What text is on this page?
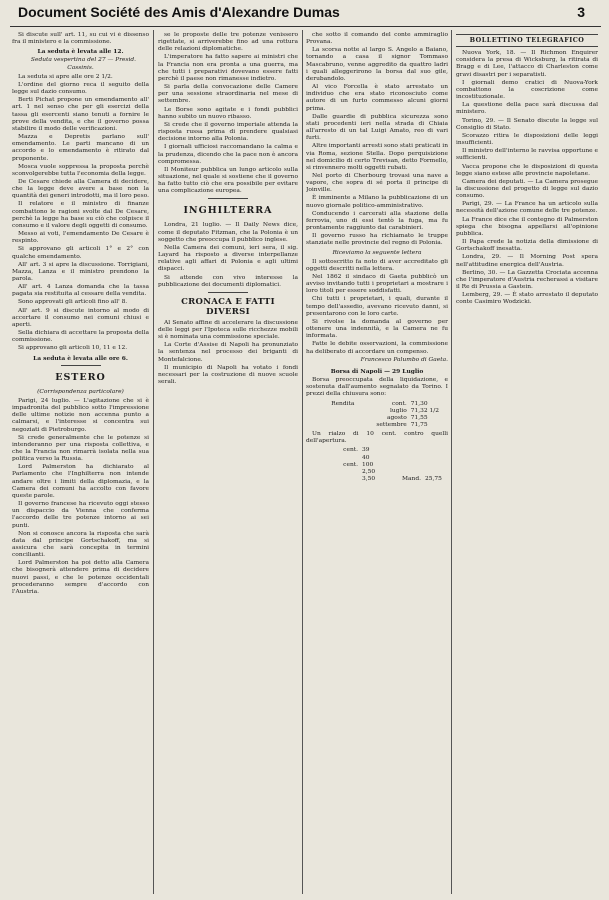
Document Société des Amis d'Alexandre Dumas	3

Si discute sull' art. 11, su cui vi è dissenso fra il ministero e la commissione.

La seduta è levata alle 12.

Seduta vespertina del 27 — Presid. Cassinis.

La seduta si apre alle ore 2 1/2.

L'ordine del giorno reca il seguito della legge sul dazio consumo.

Berti Pichat propone un emendamento all' art. 1 nel senso che per gli esercizi della tassa gli esercenti siano tenuti a fornire le prove della vendita, e che il governo possa stabilire il modo delle verificazioni.

Mazza e Depretis parlano sull' emendamento. Le parti mancano di un accordo e lo emendamento è ritirato dal proponente.

Mosca vuole soppressa la proposta perchè sconvolgerebbe tutta l'economia della legge.

De Cesare chiede alla Camera di decidere, che la legge deve avere a base non la quantità dei generi introdotti, ma il loro peso.

Il relatore e il ministro di finanze combattono le ragioni svolte dal De Cesare, perchè la legge ha base su ciò che colpisce il consumo e il valore degli oggetti di consumo.

Messo ai voti, l'emendamento De Cesare è respinto.

Si approvano gli articoli 1° e 2° con qualche emendamento.

All' art. 3 si apre la discussione. Torrigiani, Mazza, Lanza e il ministro prendono la parola.

All' art. 4 Lanza domanda che la tassa pagata sia restituita al cessare della vendita.

Sono approvati gli articoli fino all' 8.

All' art. 9 si discute intorno al modo di accertare il consumo nei comuni chiusi e aperti.

Sella dichiara di accettare la proposta della commissione.

Si approvano gli articoli 10, 11 e 12.

La seduta è levata alle ore 6.

ESTERO
(Corrispondenza particolare)

Parigi, 24 luglio. — L'agitazione che si è impadronita del pubblico sotto l'impressione delle ultime notizie non accenna punto a calmarsi, e l'interesse si concentra sui negoziati di Pietroburgo.

Si crede generalmente che le potenze si intenderanno per una risposta collettiva, e che la Francia non rimarrà isolata nella sua politica verso la Russia.

Lord Palmerston ha dichiarato al Parlamento che l'Inghilterra non intende andare oltre i limiti della diplomazia, e la Camera dei comuni ha accolto con favore queste parole.

Il governo francese ha ricevuto oggi stesso un dispaccio da Vienna che conferma l'accordo delle tre potenze intorno ai sei punti.

Non si conosce ancora la risposta che sarà data dal principe Gortschakoff, ma si assicura che sarà concepita in termini concilianti.

Lord Palmerston ha poi detto alla Camera che bisognerà attendere prima di decidere nuovi passi, e che le potenze occidentali procederanno sempre d'accordo con l'Austria.

se le proposte delle tre potenze venissero rigettate, si arriverebbe fino ad una rottura delle relazioni diplomatiche.

L'imperatore ha fatto sapere ai ministri che la Francia non era pronta a una guerra, ma che tutti i preparativi dovevano essere fatti perchè il paese non rimanesse indietro.

Si parla della convocazione delle Camere per una sessione straordinaria nel mese di settembre.

Le Borse sono agitate e i fondi pubblici hanno subito un nuovo ribasso.

Si crede che il governo imperiale attenda la risposta russa prima di prendere qualsiasi decisione intorno alla Polonia.

I giornali ufficiosi raccomandano la calma e la prudenza, dicendo che la pace non è ancora compromessa.

Il Moniteur pubblica un lungo articolo sulla situazione, nel quale si sostiene che il governo ha fatto tutto ciò che era possibile per evitare una complicazione europea.

INGHILTERRA

Londra, 21 luglio. — Il Daily News dice, come il deputato Fitzman, che la Polonia è un soggetto che preoccupa il pubblico inglese.

Nella Camera dei comuni, ieri sera, il sig. Layard ha risposto a diverse interpellanze relative agli affari di Polonia e agli ultimi dispacci.

Si attende con vivo interesse la pubblicazione dei documenti diplomatici.

CRONACA E FATTI DIVERSI

Al Senato affine di accelerare la discussione delle leggi per l'Ipoteca sulle ricchezze mobili si è nominata una commissione speciale.

La Corte d'Assise di Napoli ha pronunziato la sentenza nel processo dei briganti di Montefalcione.

Il municipio di Napoli ha votato i fondi necessari per la costruzione di nuove scuole serali.

che sotto il comando del conte ammiraglio Provana.

La scorsa notte al largo S. Angelo a Baiano, tornando a casa il signor Tommaso Mascabruno, venne aggredito da quattro ladri i quali alleggerirono la borsa dal suo gile, derubandolo.

Al vico Forcella è stato arrestato un individuo che era stato riconosciuto come autore di un furto commesso alcuni giorni prima.

Dalle guardie di pubblica sicurezza sono stati procedenti ieri nella strada di Chiaia all'arresto di un tal Luigi Amato, reo di vari furti.

Altre importanti arresti sono stati praticati in via Roma, sezione Stella. Dopo perquisizione nel domicilio di certo Trevisan, detto Formello, si rinvennero molti oggetti rubati.

Nel porto di Cherbourg trovasi una nave a vapore, che sopra di sé porta il principe di Joinville.

È imminente a Milano la pubblicazione di un nuovo giornale politico-amministrativo.

Conducendo i carcerati alla stazione della ferrovia, uno di essi tentò la fuga, ma fu prontamente raggiunto dai carabinieri.

Il governo russo ha richiamato le truppe stanziate nelle provincie del regno di Polonia.

Riceviamo la seguente lettera

Il sottoscritto fa noto di aver accreditato gli oggetti descritti nella lettera.

Nel 1862 il sindaco di Gaeta pubblicò un avviso invitando tutti i proprietari a mostrare i loro titoli per essere soddisfatti.

Chi tutti i proprietari, i quali, durante il tempo dell'assedio, avevano ricevuto danni, si presentarono con le loro carte.

Si rivolse la domanda al governo per ottenere una indennità, e la Camera ne fu informata.

Fatte le debite osservazioni, la commissione ha deliberato di accordare un compenso.

Francesco Palumbo di Gaeta.
Borsa di Napoli — 29 Luglio

Borsa preoccupata della liquidazione, e sostenuta dall'aumento segnalato da Torino. I prezzi della chiusura sono:

Rendita	cont. 71,30
luglio 71,32 1/2
agosto 71,55
settembre 71,75

Un rialzo di 10 cent. contro quelli dell'apertura.

cent. 39
40
cent. 100
2,50
3,50	Mand. 25,75
BOLLETTINO TELEGRAFICO

Nuova York, 18. — Il Richmon Enquirer considera la presa di Wicksburg, la ritirata di Bragg e di Lee, l'attacco di Charleston come gravi disastri per i separatisti.

I giornali demo cratici di Nuova-York combattono la coscrizione come incostituzionale.

La questione della pace sarà discussa dal ministero.

Torino, 29. — Il Senato discute la legge sul Consiglio di Stato.

Scorazzo ritira le disposizioni delle leggi insufficienti.

Il ministro dell'interno le ravvisa opportune e sufficienti.

Vacca propone che le disposizioni di questa legge siano estese alle provincie napoletane.

Camera dei deputati. — La Camera prosegue la discussione del progetto di legge sul dazio consumo.

Parigi, 29. — La France ha un articolo sulla necessità dell'azione comune delle tre potenze.

La France dice che il contegno di Palmerston spiega che bisogna appellarsi all'opinione pubblica.

Il Papa crede la notizia della dimissione di Gortschakoff inesatta.

Londra, 29. — Il Morning Post spera nell'attitudine energica dell'Austria.

Berlino, 30. — La Gazzetta Crociata accenna che l'imperatore d'Austria recherassi a visitare il Re di Prussia a Gastein.

Lemberg, 29. — È stato arrestato il deputato conte Casimiro Wodzicki.
